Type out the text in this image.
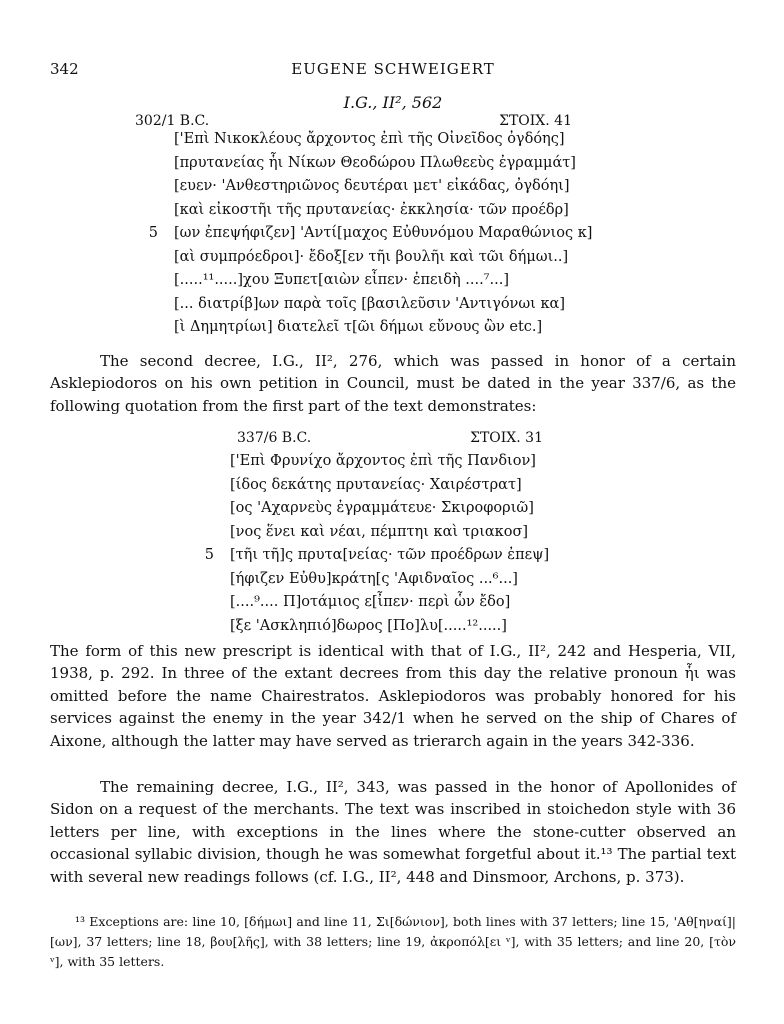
342	EUGENE SCHWEIGERT
I.G., II², 562
302/1 B.C.	ΣΤΟΙΧ. 41
['Επὶ Νικοκλέους ἄρχοντος ἐπὶ τῆς Οἰνεῖδος ὀγδόης]
[πρυτανείας ἧι Νίκων Θεοδώρου Πλωθεεὺς ἐγραμμάτ]
[ευεν· 'Ανθεστηριῶνος δευτέραι μετ' εἰκάδας, ὀγδόηι]
[καὶ εἰκοστῆι τῆς πρυτανείας· ἐκκλησία· τῶν προέδρ]
5 [ων ἐπεψήφιζεν] 'Αντί[μαχος Εὐθυνόμου Μαραθώνιος κ]
[αὶ συμπρόεδροι]· ἔδοξ[εν τῆι βουλῆι καὶ τῶι δήμωι..]
[.....¹¹.....]χου Ξυπετ[αιὼν εἶπεν· ἐπειδὴ ....⁷...]
[... διατρίβ]ων παρὰ τοῖς [βασιλεῦσιν 'Αντιγόνωι κα]
[ὶ Δημητρίωι] διατελεῖ τ[ῶι δήμωι εὔνους ὢν etc.]

The second decree, I.G., II², 276, which was passed in honor of a certain Asklepiodoros on his own petition in Council, must be dated in the year 337/6, as the following quotation from the first part of the text demonstrates:

337/6 B.C.	ΣΤΟΙΧ. 31
['Επὶ Φρυνίχο ἄρχοντος ἐπὶ τῆς Πανδιον]
[ίδος δεκάτης πρυτανείας· Χαιρέστρατ]
[ος 'Αχαρνεὺς ἐγραμμάτευε· Σκιροφοριῶ]
[νος ἕνει καὶ νέαι, πέμπτηι καὶ τριακοσ]
5 [τῆι τῆ]ς πρυτα[νείας· τῶν προέδρων ἐπεψ]
[ήφιζεν Εὐθυ]κράτη[ς 'Αφιδναῖος ...⁶...]
[....⁹.... Π]οτάμιος ε[ἶπεν· περὶ ὧν ἔδο]
[ξε 'Ασκληπιό]δωρος [Πο]λυ[.....¹².....]

The form of this new prescript is identical with that of I.G., II², 242 and Hesperia, VII, 1938, p. 292. In three of the extant decrees from this day the relative pronoun ἧι was omitted before the name Chairestratos. Asklepiodoros was probably honored for his services against the enemy in the year 342/1 when he served on the ship of Chares of Aixone, although the latter may have served as trierarch again in the years 342-336.

The remaining decree, I.G., II², 343, was passed in the honor of Apollonides of Sidon on a request of the merchants. The text was inscribed in stoichedon style with 36 letters per line, with exceptions in the lines where the stone-cutter observed an occasional syllabic division, though he was somewhat forgetful about it.¹³ The partial text with several new readings follows (cf. I.G., II², 448 and Dinsmoor, Archons, p. 373).

¹³ Exceptions are: line 10, [δήμωι] and line 11, Σι[δώνιον], both lines with 37 letters; line 15, 'Αθ[ηναί]|[ων], 37 letters; line 18, βου[λῆς], with 38 letters; line 19, ἀκροπόλ[ει ᵛ], with 35 letters; and line 20, [τὸν ᵛ], with 35 letters.
